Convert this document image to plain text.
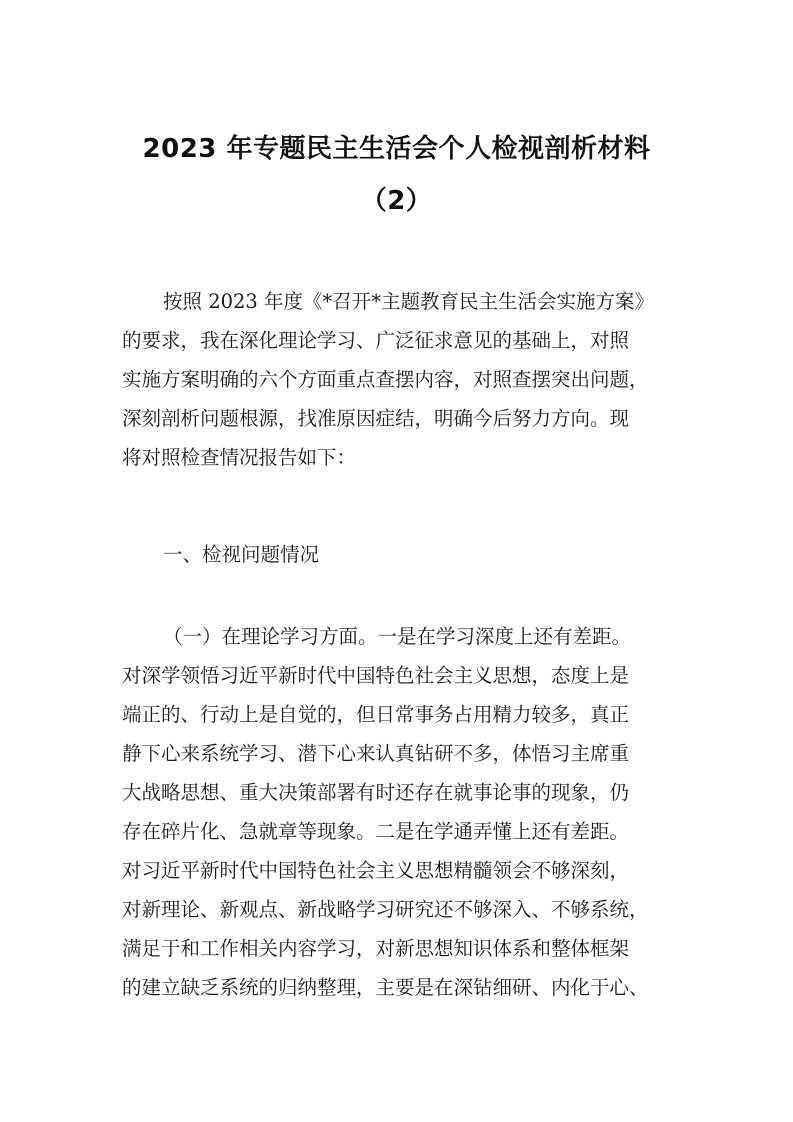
2023 年专题民主生活会个人检视剖析材料
（2）

按照 2023 年度《*召开*主题教育民主生活会实施方案》

的要求，我在深化理论学习、广泛征求意见的基础上，对照

实施方案明确的六个方面重点查摆内容，对照查摆突出问题，

深刻剖析问题根源，找准原因症结，明确今后努力方向。现

将对照检查情况报告如下：

一、检视问题情况

（一）在理论学习方面。一是在学习深度上还有差距。

对深学领悟习近平新时代中国特色社会主义思想，态度上是

端正的、行动上是自觉的，但日常事务占用精力较多，真正

静下心来系统学习、潜下心来认真钻研不多，体悟习主席重

大战略思想、重大决策部署有时还存在就事论事的现象，仍

存在碎片化、急就章等现象。二是在学通弄懂上还有差距。

对习近平新时代中国特色社会主义思想精髓领会不够深刻，

对新理论、新观点、新战略学习研究还不够深入、不够系统，

满足于和工作相关内容学习，对新思想知识体系和整体框架

的建立缺乏系统的归纳整理，主要是在深钻细研、内化于心、
